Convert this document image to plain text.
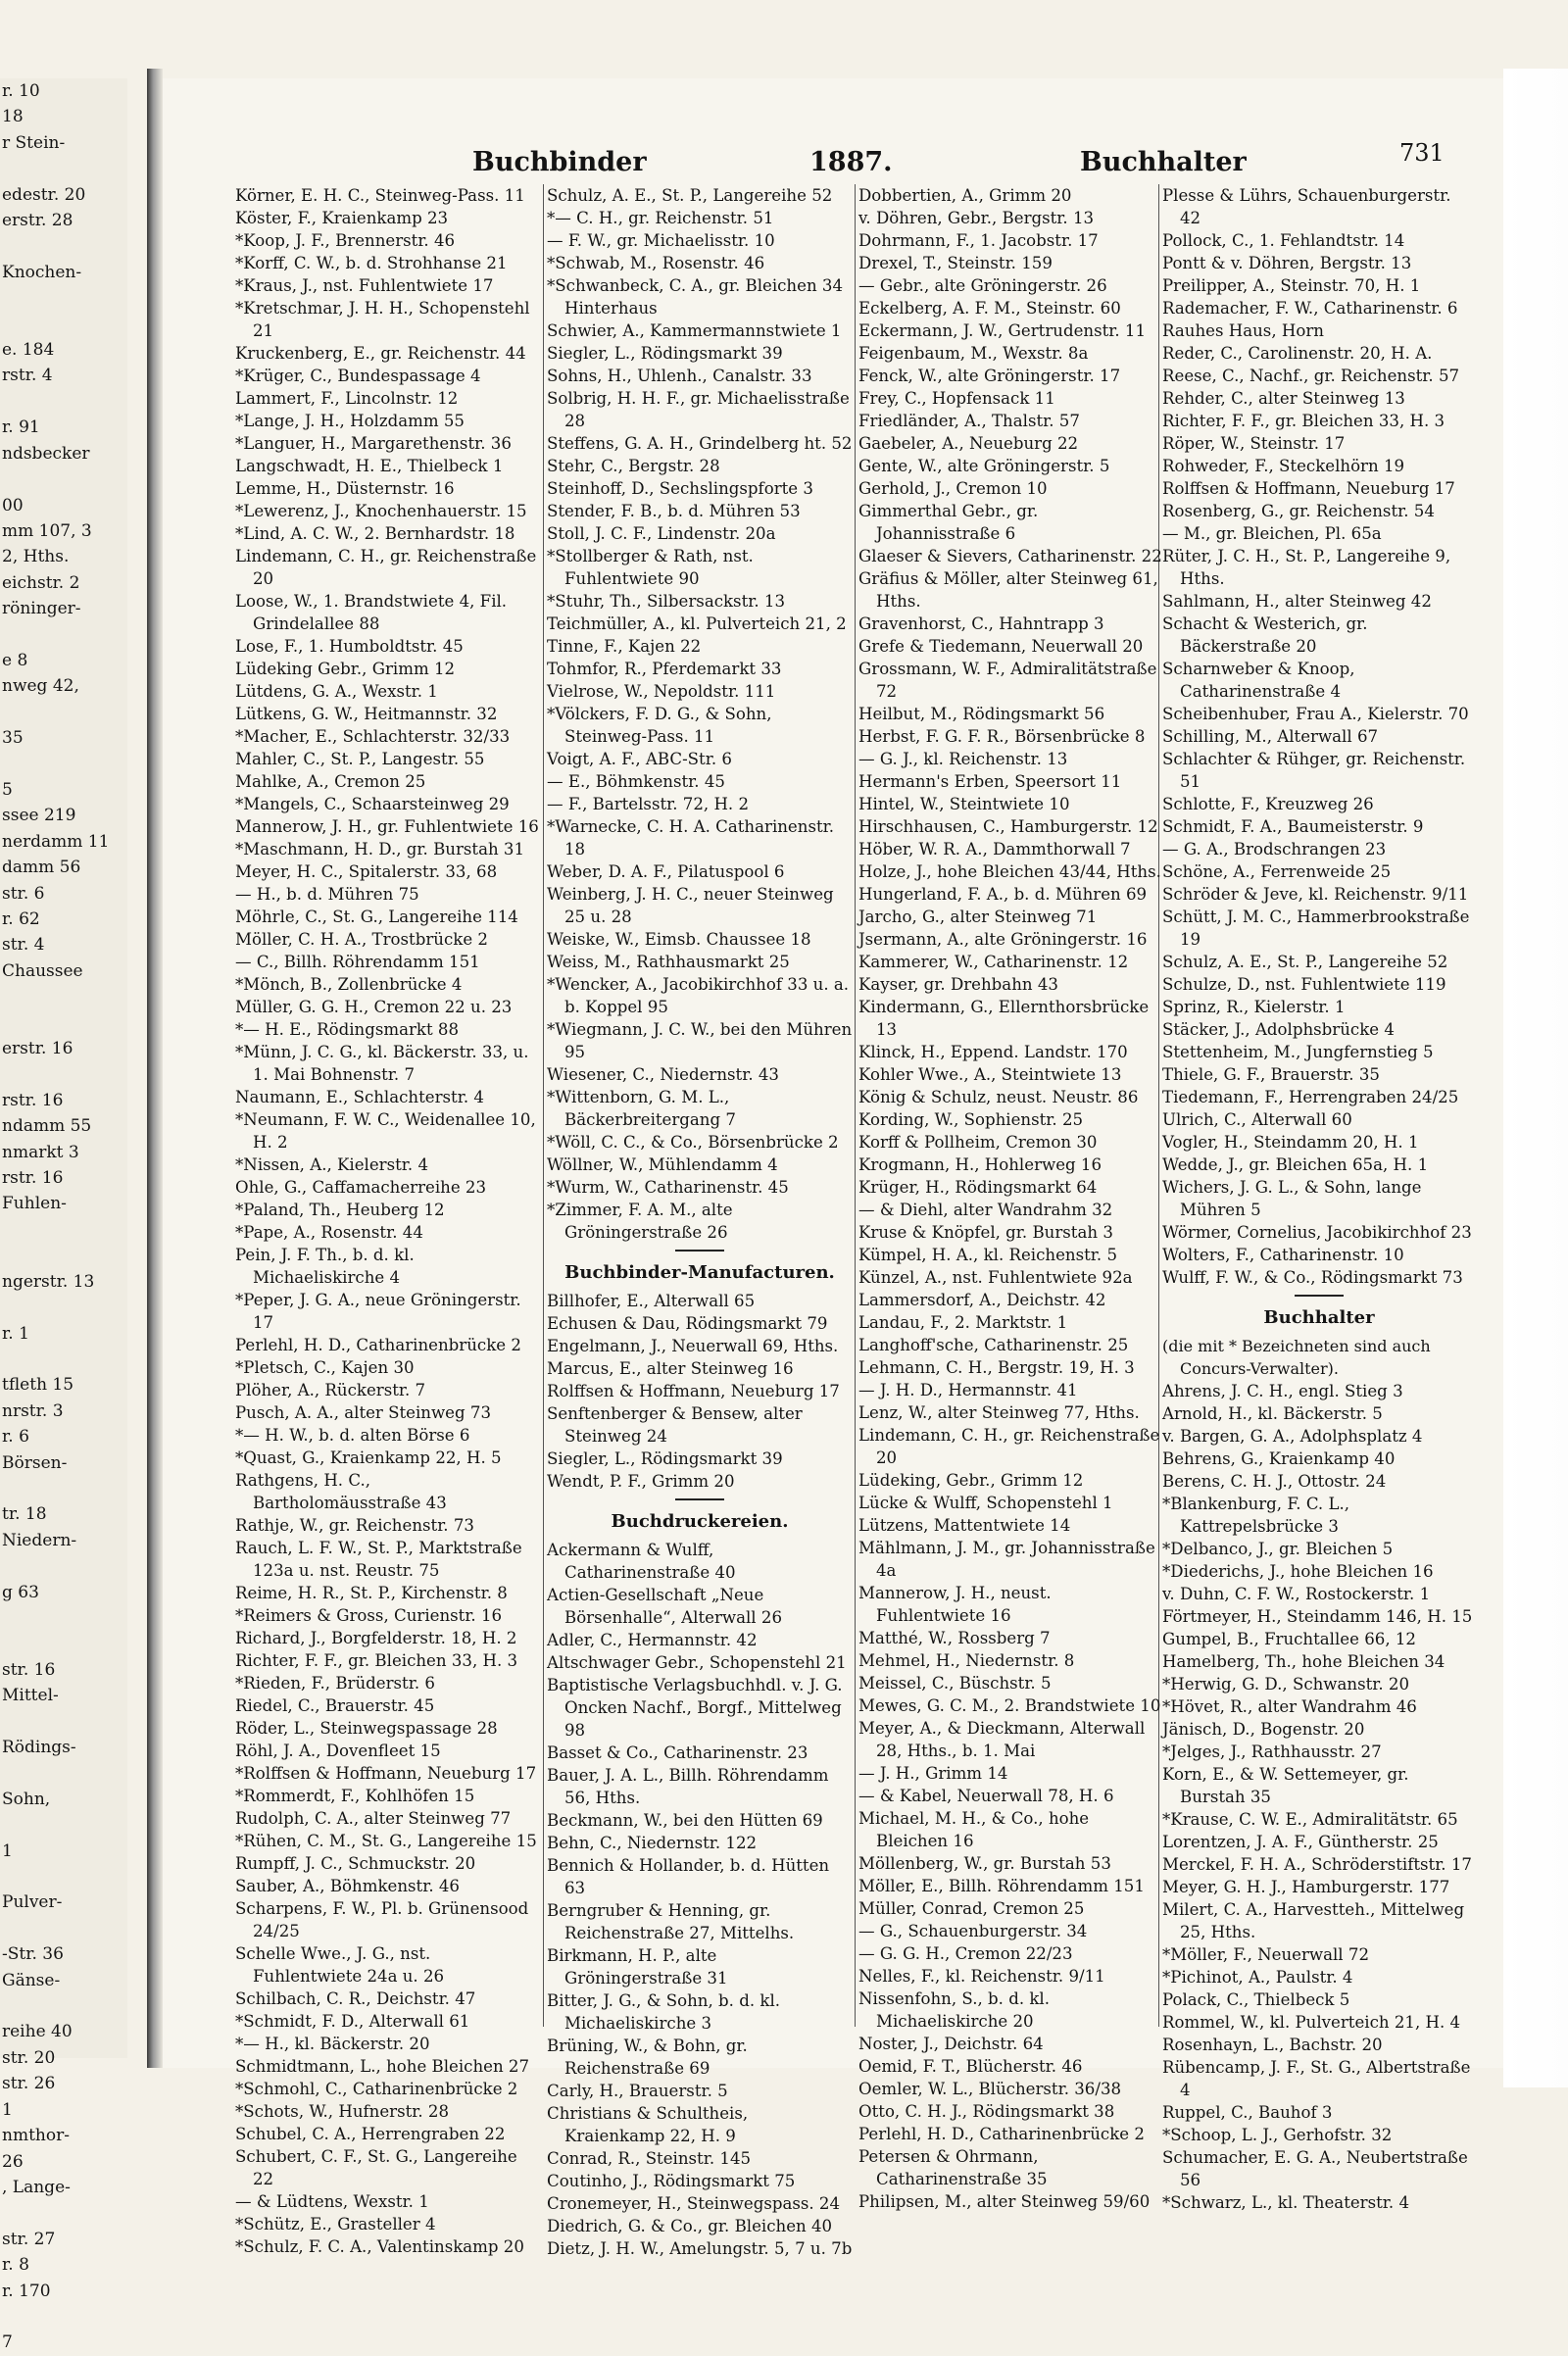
r. 10
18
r Stein-

edestr. 20
erstr. 28

Knochen-

e. 184
rstr. 4

r. 91
ndsbecker

00
mm 107, 3
2, Hths.
eichstr. 2
röninger-

e 8
nweg 42,

35

5
ssee 219
nerdamm 11
damm 56
str. 6
r. 62
str. 4
Chaussee

erstr. 16

rstr. 16
ndamm 55
nmarkt 3
rstr. 16
Fuhlen-

ngerstr. 13

r. 1

tfleth 15
nrstr. 3
r. 6
Börsen-

tr. 18
Niedern-

g 63

str. 16
Mittel-

Rödings-

Sohn,

1

Pulver-

-Str. 36
Gänse-

reihe 40
str. 20
str. 26
1
nmthor-
26
, Lange-

str. 27
r. 8
r. 170

7
Buchbinder	1887.	Buchhalter	731
Körner, E. H. C., Steinweg-Pass. 11
Köster, F., Kraienkamp 23
*Koop, J. F., Brennerstr. 46
*Korff, C. W., b. d. Strohhanse 21
*Kraus, J., nst. Fuhlentwiete 17
*Kretschmar, J. H. H., Schopenstehl 21
Kruckenberg, E., gr. Reichenstr. 44
*Krüger, C., Bundespassage 4
Lammert, F., Lincolnstr. 12
*Lange, J. H., Holzdamm 55
*Languer, H., Margarethenstr. 36
Langschwadt, H. E., Thielbeck 1
Lemme, H., Düsternstr. 16
*Lewerenz, J., Knochenhauerstr. 15
*Lind, A. C. W., 2. Bernhardstr. 18
Lindemann, C. H., gr. Reichenstraße 20
Loose, W., 1. Brandstwiete 4, Fil. Grindelallee 88
Lose, F., 1. Humboldtstr. 45
Lüdeking Gebr., Grimm 12
Lütdens, G. A., Wexstr. 1
Lütkens, G. W., Heitmannstr. 32
*Macher, E., Schlachterstr. 32/33
Mahler, C., St. P., Langestr. 55
Mahlke, A., Cremon 25
*Mangels, C., Schaarsteinweg 29
Mannerow, J. H., gr. Fuhlentwiete 16
*Maschmann, H. D., gr. Burstah 31
Meyer, H. C., Spitalerstr. 33, 68
— H., b. d. Mühren 75
Möhrle, C., St. G., Langereihe 114
Möller, C. H. A., Trostbrücke 2
— C., Billh. Röhrendamm 151
*Mönch, B., Zollenbrücke 4
Müller, G. G. H., Cremon 22 u. 23
*— H. E., Rödingsmarkt 88
*Münn, J. C. G., kl. Bäckerstr. 33, u. 1. Mai Bohnenstr. 7
Naumann, E., Schlachterstr. 4
*Neumann, F. W. C., Weidenallee 10, H. 2
*Nissen, A., Kielerstr. 4
Ohle, G., Caffamacherreihe 23
*Paland, Th., Heuberg 12
*Pape, A., Rosenstr. 44
Pein, J. F. Th., b. d. kl. Michaeliskirche 4
*Peper, J. G. A., neue Gröningerstr. 17
Perlehl, H. D., Catharinenbrücke 2
*Pletsch, C., Kajen 30
Plöher, A., Rückerstr. 7
Pusch, A. A., alter Steinweg 73
*— H. W., b. d. alten Börse 6
*Quast, G., Kraienkamp 22, H. 5
Rathgens, H. C., Bartholomäusstraße 43
Rathje, W., gr. Reichenstr. 73
Rauch, L. F. W., St. P., Marktstraße 123a u. nst. Reustr. 75
Reime, H. R., St. P., Kirchenstr. 8
*Reimers & Gross, Curienstr. 16
Richard, J., Borgfelderstr. 18, H. 2
Richter, F. F., gr. Bleichen 33, H. 3
*Rieden, F., Brüderstr. 6
Riedel, C., Brauerstr. 45
Röder, L., Steinwegspassage 28
Röhl, J. A., Dovenfleet 15
*Rolffsen & Hoffmann, Neueburg 17
*Rommerdt, F., Kohlhöfen 15
Rudolph, C. A., alter Steinweg 77
*Rühen, C. M., St. G., Langereihe 15
Rumpff, J. C., Schmuckstr. 20
Sauber, A., Böhmkenstr. 46
Scharpens, F. W., Pl. b. Grünensood 24/25
Schelle Wwe., J. G., nst. Fuhlentwiete 24a u. 26
Schilbach, C. R., Deichstr. 47
*Schmidt, F. D., Alterwall 61
*— H., kl. Bäckerstr. 20
Schmidtmann, L., hohe Bleichen 27
*Schmohl, C., Catharinenbrücke 2
*Schots, W., Hufnerstr. 28
Schubel, C. A., Herrengraben 22
Schubert, C. F., St. G., Langereihe 22
— & Lüdtens, Wexstr. 1
*Schütz, E., Grasteller 4
*Schulz, F. C. A., Valentinskamp 20
Schulz, A. E., St. P., Langereihe 52
*— C. H., gr. Reichenstr. 51
— F. W., gr. Michaelisstr. 10
*Schwab, M., Rosenstr. 46
*Schwanbeck, C. A., gr. Bleichen 34 Hinterhaus
Schwier, A., Kammermannstwiete 1
Siegler, L., Rödingsmarkt 39
Sohns, H., Uhlenh., Canalstr. 33
Solbrig, H. H. F., gr. Michaelisstraße 28
Steffens, G. A. H., Grindelberg ht. 52
Stehr, C., Bergstr. 28
Steinhoff, D., Sechslingspforte 3
Stender, F. B., b. d. Mühren 53
Stoll, J. C. F., Lindenstr. 20a
*Stollberger & Rath, nst. Fuhlentwiete 90
*Stuhr, Th., Silbersackstr. 13
Teichmüller, A., kl. Pulverteich 21, 2
Tinne, F., Kajen 22
Tohmfor, R., Pferdemarkt 33
Vielrose, W., Nepoldstr. 111
*Völckers, F. D. G., & Sohn, Steinweg-Pass. 11
Voigt, A. F., ABC-Str. 6
— E., Böhmkenstr. 45
— F., Bartelsstr. 72, H. 2
*Warnecke, C. H. A. Catharinenstr. 18
Weber, D. A. F., Pilatuspool 6
Weinberg, J. H. C., neuer Steinweg 25 u. 28
Weiske, W., Eimsb. Chaussee 18
Weiss, M., Rathhausmarkt 25
*Wencker, A., Jacobikirchhof 33 u. a. b. Koppel 95
*Wiegmann, J. C. W., bei den Mühren 95
Wiesener, C., Niedernstr. 43
*Wittenborn, G. M. L., Bäckerbreitergang 7
*Wöll, C. C., & Co., Börsenbrücke 2
Wöllner, W., Mühlendamm 4
*Wurm, W., Catharinenstr. 45
*Zimmer, F. A. M., alte Gröningerstraße 26
Buchbinder-Manufacturen.
Billhofer, E., Alterwall 65
Echusen & Dau, Rödingsmarkt 79
Engelmann, J., Neuerwall 69, Hths.
Marcus, E., alter Steinweg 16
Rolffsen & Hoffmann, Neueburg 17
Senftenberger & Bensew, alter Steinweg 24
Siegler, L., Rödingsmarkt 39
Wendt, P. F., Grimm 20
Buchdruckereien.
Ackermann & Wulff, Catharinenstraße 40
Actien-Gesellschaft „Neue Börsenhalle“, Alterwall 26
Adler, C., Hermannstr. 42
Altschwager Gebr., Schopenstehl 21
Baptistische Verlagsbuchhdl. v. J. G. Oncken Nachf., Borgf., Mittelweg 98
Basset & Co., Catharinenstr. 23
Bauer, J. A. L., Billh. Röhrendamm 56, Hths.
Beckmann, W., bei den Hütten 69
Behn, C., Niedernstr. 122
Bennich & Hollander, b. d. Hütten 63
Berngruber & Henning, gr. Reichenstraße 27, Mittelhs.
Birkmann, H. P., alte Gröningerstraße 31
Bitter, J. G., & Sohn, b. d. kl. Michaeliskirche 3
Brüning, W., & Bohn, gr. Reichenstraße 69
Carly, H., Brauerstr. 5
Christians & Schultheis, Kraienkamp 22, H. 9
Conrad, R., Steinstr. 145
Coutinho, J., Rödingsmarkt 75
Cronemeyer, H., Steinwegspass. 24
Diedrich, G. & Co., gr. Bleichen 40
Dietz, J. H. W., Amelungstr. 5, 7 u. 7b
Dobbertien, A., Grimm 20
v. Döhren, Gebr., Bergstr. 13
Dohrmann, F., 1. Jacobstr. 17
Drexel, T., Steinstr. 159
— Gebr., alte Gröningerstr. 26
Eckelberg, A. F. M., Steinstr. 60
Eckermann, J. W., Gertrudenstr. 11
Feigenbaum, M., Wexstr. 8a
Fenck, W., alte Gröningerstr. 17
Frey, C., Hopfensack 11
Friedländer, A., Thalstr. 57
Gaebeler, A., Neueburg 22
Gente, W., alte Gröningerstr. 5
Gerhold, J., Cremon 10
Gimmerthal Gebr., gr. Johannisstraße 6
Glaeser & Sievers, Catharinenstr. 22
Gräfius & Möller, alter Steinweg 61, Hths.
Gravenhorst, C., Hahntrapp 3
Grefe & Tiedemann, Neuerwall 20
Grossmann, W. F., Admiralitätstraße 72
Heilbut, M., Rödingsmarkt 56
Herbst, F. G. F. R., Börsenbrücke 8
— G. J., kl. Reichenstr. 13
Hermann's Erben, Speersort 11
Hintel, W., Steintwiete 10
Hirschhausen, C., Hamburgerstr. 12
Höber, W. R. A., Dammthorwall 7
Holze, J., hohe Bleichen 43/44, Hths.
Hungerland, F. A., b. d. Mühren 69
Jarcho, G., alter Steinweg 71
Jsermann, A., alte Gröningerstr. 16
Kammerer, W., Catharinenstr. 12
Kayser, gr. Drehbahn 43
Kindermann, G., Ellernthorsbrücke 13
Klinck, H., Eppend. Landstr. 170
Kohler Wwe., A., Steintwiete 13
König & Schulz, neust. Neustr. 86
Kording, W., Sophienstr. 25
Korff & Pollheim, Cremon 30
Krogmann, H., Hohlerweg 16
Krüger, H., Rödingsmarkt 64
— & Diehl, alter Wandrahm 32
Kruse & Knöpfel, gr. Burstah 3
Kümpel, H. A., kl. Reichenstr. 5
Künzel, A., nst. Fuhlentwiete 92a
Lammersdorf, A., Deichstr. 42
Landau, F., 2. Marktstr. 1
Langhoff'sche, Catharinenstr. 25
Lehmann, C. H., Bergstr. 19, H. 3
— J. H. D., Hermannstr. 41
Lenz, W., alter Steinweg 77, Hths.
Lindemann, C. H., gr. Reichenstraße 20
Lüdeking, Gebr., Grimm 12
Lücke & Wulff, Schopenstehl 1
Lützens, Mattentwiete 14
Mählmann, J. M., gr. Johannisstraße 4a
Mannerow, J. H., neust. Fuhlentwiete 16
Matthé, W., Rossberg 7
Mehmel, H., Niedernstr. 8
Meissel, C., Büschstr. 5
Mewes, G. C. M., 2. Brandstwiete 10
Meyer, A., & Dieckmann, Alterwall 28, Hths., b. 1. Mai
— J. H., Grimm 14
— & Kabel, Neuerwall 78, H. 6
Michael, M. H., & Co., hohe Bleichen 16
Möllenberg, W., gr. Burstah 53
Möller, E., Billh. Röhrendamm 151
Müller, Conrad, Cremon 25
— G., Schauenburgerstr. 34
— G. G. H., Cremon 22/23
Nelles, F., kl. Reichenstr. 9/11
Nissenfohn, S., b. d. kl. Michaeliskirche 20
Noster, J., Deichstr. 64
Oemid, F. T., Blücherstr. 46
Oemler, W. L., Blücherstr. 36/38
Otto, C. H. J., Rödingsmarkt 38
Perlehl, H. D., Catharinenbrücke 2
Petersen & Ohrmann, Catharinenstraße 35
Philipsen, M., alter Steinweg 59/60
Plesse & Lührs, Schauenburgerstr. 42
Pollock, C., 1. Fehlandtstr. 14
Pontt & v. Döhren, Bergstr. 13
Preilipper, A., Steinstr. 70, H. 1
Rademacher, F. W., Catharinenstr. 6
Rauhes Haus, Horn
Reder, C., Carolinenstr. 20, H. A.
Reese, C., Nachf., gr. Reichenstr. 57
Rehder, C., alter Steinweg 13
Richter, F. F., gr. Bleichen 33, H. 3
Röper, W., Steinstr. 17
Rohweder, F., Steckelhörn 19
Rolffsen & Hoffmann, Neueburg 17
Rosenberg, G., gr. Reichenstr. 54
— M., gr. Bleichen, Pl. 65a
Rüter, J. C. H., St. P., Langereihe 9, Hths.
Sahlmann, H., alter Steinweg 42
Schacht & Westerich, gr. Bäckerstraße 20
Scharnweber & Knoop, Catharinenstraße 4
Scheibenhuber, Frau A., Kielerstr. 70
Schilling, M., Alterwall 67
Schlachter & Rühger, gr. Reichenstr. 51
Schlotte, F., Kreuzweg 26
Schmidt, F. A., Baumeisterstr. 9
— G. A., Brodschrangen 23
Schöne, A., Ferrenweide 25
Schröder & Jeve, kl. Reichenstr. 9/11
Schütt, J. M. C., Hammerbrookstraße 19
Schulz, A. E., St. P., Langereihe 52
Schulze, D., nst. Fuhlentwiete 119
Sprinz, R., Kielerstr. 1
Stäcker, J., Adolphsbrücke 4
Stettenheim, M., Jungfernstieg 5
Thiele, G. F., Brauerstr. 35
Tiedemann, F., Herrengraben 24/25
Ulrich, C., Alterwall 60
Vogler, H., Steindamm 20, H. 1
Wedde, J., gr. Bleichen 65a, H. 1
Wichers, J. G. L., & Sohn, lange Mühren 5
Wörmer, Cornelius, Jacobikirchhof 23
Wolters, F., Catharinenstr. 10
Wulff, F. W., & Co., Rödingsmarkt 73
Buchhalter
(die mit * Bezeichneten sind auch Concurs-Verwalter).
Ahrens, J. C. H., engl. Stieg 3
Arnold, H., kl. Bäckerstr. 5
v. Bargen, G. A., Adolphsplatz 4
Behrens, G., Kraienkamp 40
Berens, C. H. J., Ottostr. 24
*Blankenburg, F. C. L., Kattrepelsbrücke 3
*Delbanco, J., gr. Bleichen 5
*Diederichs, J., hohe Bleichen 16
v. Duhn, C. F. W., Rostockerstr. 1
Förtmeyer, H., Steindamm 146, H. 15
Gumpel, B., Fruchtallee 66, 12
Hamelberg, Th., hohe Bleichen 34
*Herwig, G. D., Schwanstr. 20
*Hövet, R., alter Wandrahm 46
Jänisch, D., Bogenstr. 20
*Jelges, J., Rathhausstr. 27
Korn, E., & W. Settemeyer, gr. Burstah 35
*Krause, C. W. E., Admiralitätstr. 65
Lorentzen, J. A. F., Güntherstr. 25
Merckel, F. H. A., Schröderstiftstr. 17
Meyer, G. H. J., Hamburgerstr. 177
Milert, C. A., Harvestteh., Mittelweg 25, Hths.
*Möller, F., Neuerwall 72
*Pichinot, A., Paulstr. 4
Polack, C., Thielbeck 5
Rommel, W., kl. Pulverteich 21, H. 4
Rosenhayn, L., Bachstr. 20
Rübencamp, J. F., St. G., Albertstraße 4
Ruppel, C., Bauhof 3
*Schoop, L. J., Gerhofstr. 32
Schumacher, E. G. A., Neubertstraße 56
*Schwarz, L., kl. Theaterstr. 4
